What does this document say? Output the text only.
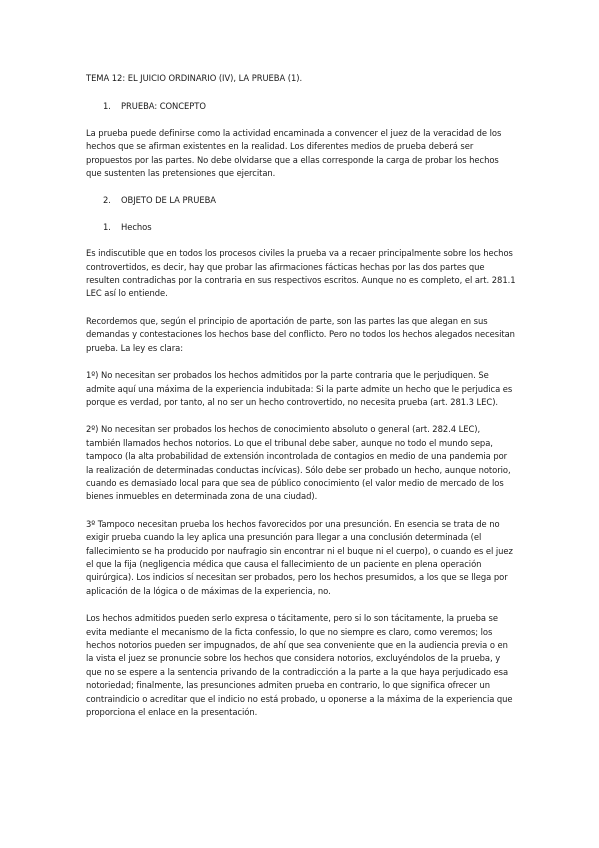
TEMA 12: EL JUICIO ORDINARIO (IV), LA PRUEBA (1).

1. PRUEBA: CONCEPTO

La prueba puede definirse como la actividad encaminada a convencer el juez de la veracidad de los hechos que se afirman existentes en la realidad. Los diferentes medios de prueba deberá ser propuestos por las partes. No debe olvidarse que a ellas corresponde la carga de probar los hechos que sustenten las pretensiones que ejercitan.

2. OBJETO DE LA PRUEBA
1. Hechos

Es indiscutible que en todos los procesos civiles la prueba va a recaer principalmente sobre los hechos controvertidos, es decir, hay que probar las afirmaciones fácticas hechas por las dos partes que resulten contradichas por la contraria en sus respectivos escritos. Aunque no es completo, el art. 281.1 LEC así lo entiende.

Recordemos que, según el principio de aportación de parte, son las partes las que alegan en sus demandas y contestaciones los hechos base del conflicto. Pero no todos los hechos alegados necesitan prueba. La ley es clara:

1º) No necesitan ser probados los hechos admitidos por la parte contraria que le perjudiquen. Se admite aquí una máxima de la experiencia indubitada: Si la parte admite un hecho que le perjudica es porque es verdad, por tanto, al no ser un hecho controvertido, no necesita prueba (art. 281.3 LEC).

2º) No necesitan ser probados los hechos de conocimiento absoluto o general (art. 282.4 LEC), también llamados hechos notorios. Lo que el tribunal debe saber, aunque no todo el mundo sepa, tampoco (la alta probabilidad de extensión incontrolada de contagios en medio de una pandemia por la realización de determinadas conductas incívicas). Sólo debe ser probado un hecho, aunque notorio, cuando es demasiado local para que sea de público conocimiento (el valor medio de mercado de los bienes inmuebles en determinada zona de una ciudad).

3º Tampoco necesitan prueba los hechos favorecidos por una presunción. En esencia se trata de no exigir prueba cuando la ley aplica una presunción para llegar a una conclusión determinada (el fallecimiento se ha producido por naufragio sin encontrar ni el buque ni el cuerpo), o cuando es el juez el que la fija (negligencia médica que causa el fallecimiento de un paciente en plena operación quirúrgica). Los indicios sí necesitan ser probados, pero los hechos presumidos, a los que se llega por aplicación de la lógica o de máximas de la experiencia, no.

Los hechos admitidos pueden serlo expresa o tácitamente, pero si lo son tácitamente, la prueba se evita mediante el mecanismo de la ficta confessio, lo que no siempre es claro, como veremos; los hechos notorios pueden ser impugnados, de ahí que sea conveniente que en la audiencia previa o en la vista el juez se pronuncie sobre los hechos que considera notorios, excluyéndolos de la prueba, y que no se espere a la sentencia privando de la contradicción a la parte a la que haya perjudicado esa notoriedad; finalmente, las presunciones admiten prueba en contrario, lo que significa ofrecer un contraindicio o acreditar que el indicio no está probado, u oponerse a la máxima de la experiencia que proporciona el enlace en la presentación.
